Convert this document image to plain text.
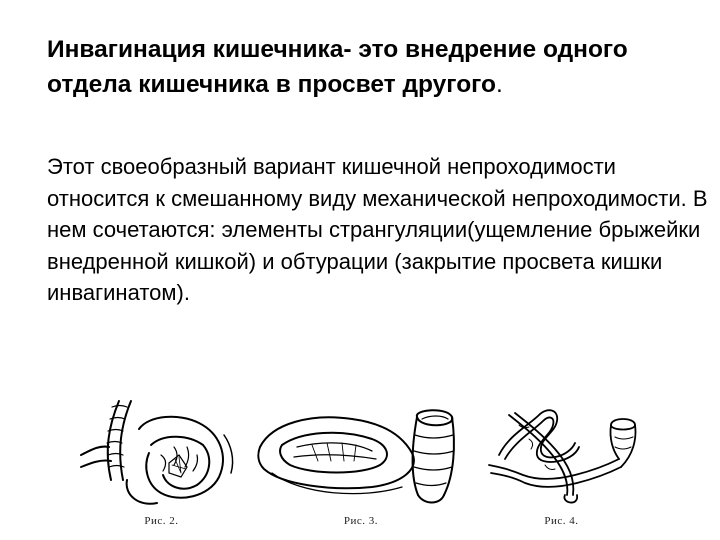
Инвагинация кишечника- это внедрение одного отдела кишечника в просвет другого.

Этот своеобразный вариант кишечной непроходимости относится к смешанному виду механической непроходимости. В нем сочетаются: элементы странгуляции(ущемление брыжейки внедренной кишкой) и обтурации (закрытие просвета кишки инвагинатом).

Рис. 2.	Рис. 3.	Рис. 4.
